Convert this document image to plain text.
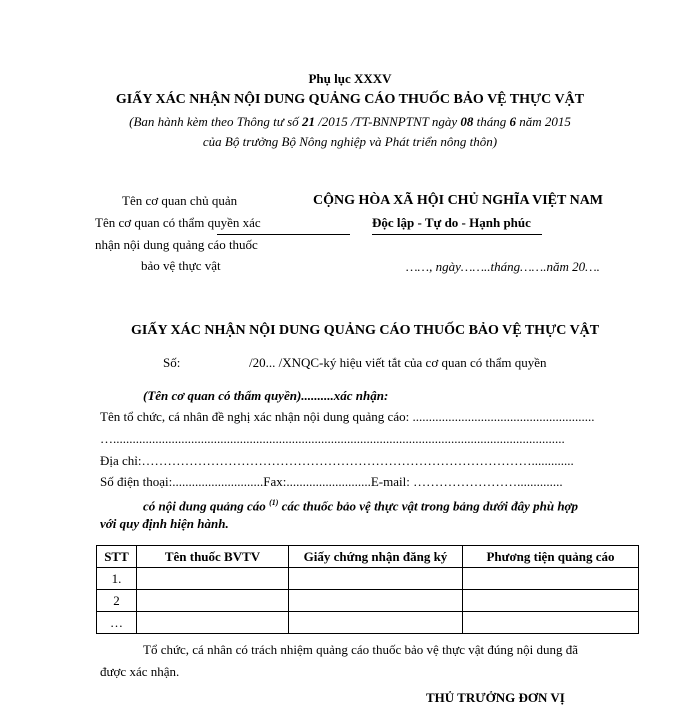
Phụ lục XXXV
GIẤY XÁC NHẬN NỘI DUNG QUẢNG CÁO THUỐC BẢO VỆ THỰC VẬT
(Ban hành kèm theo Thông tư số 21 /2015 /TT-BNNPTNT ngày 08 tháng 6 năm 2015
của Bộ trưởng Bộ Nông nghiệp và Phát triển nông thôn)
Tên cơ quan chủ quản
Tên cơ quan có thẩm quyền xác
nhận nội dung quảng cáo thuốc
bảo vệ thực vật
CỘNG HÒA XÃ HỘI CHỦ NGHĨA VIỆT NAM
Độc lập - Tự do - Hạnh phúc
……, ngày……..tháng…….năm 20….
GIẤY XÁC NHẬN NỘI DUNG QUẢNG CÁO THUỐC BẢO VỆ THỰC VẬT
Số:	/20... /XNQC-ký hiệu viết tắt của cơ quan có thẩm quyền
(Tên cơ quan có thẩm quyền)..........xác nhận:
Tên tổ chức, cá nhân đề nghị xác nhận nội dung quảng cáo: ........................................................
…...........................................................................................................................................
Địa chỉ:……………………………………………………………………………….............
Số điện thoại:............................Fax:..........................E-mail: ……………………..............
có nội dung quảng cáo $^{(1)}$ các thuốc bảo vệ thực vật trong bảng dưới đây phù hợp
với quy định hiện hành.
STT	Tên thuốc BVTV	Giấy chứng nhận đăng ký	Phương tiện quảng cáo
1.			
2			
…			
Tổ chức, cá nhân có trách nhiệm quảng cáo thuốc bảo vệ thực vật đúng nội dung đã
được xác nhận.
THỦ TRƯỞNG ĐƠN VỊ
